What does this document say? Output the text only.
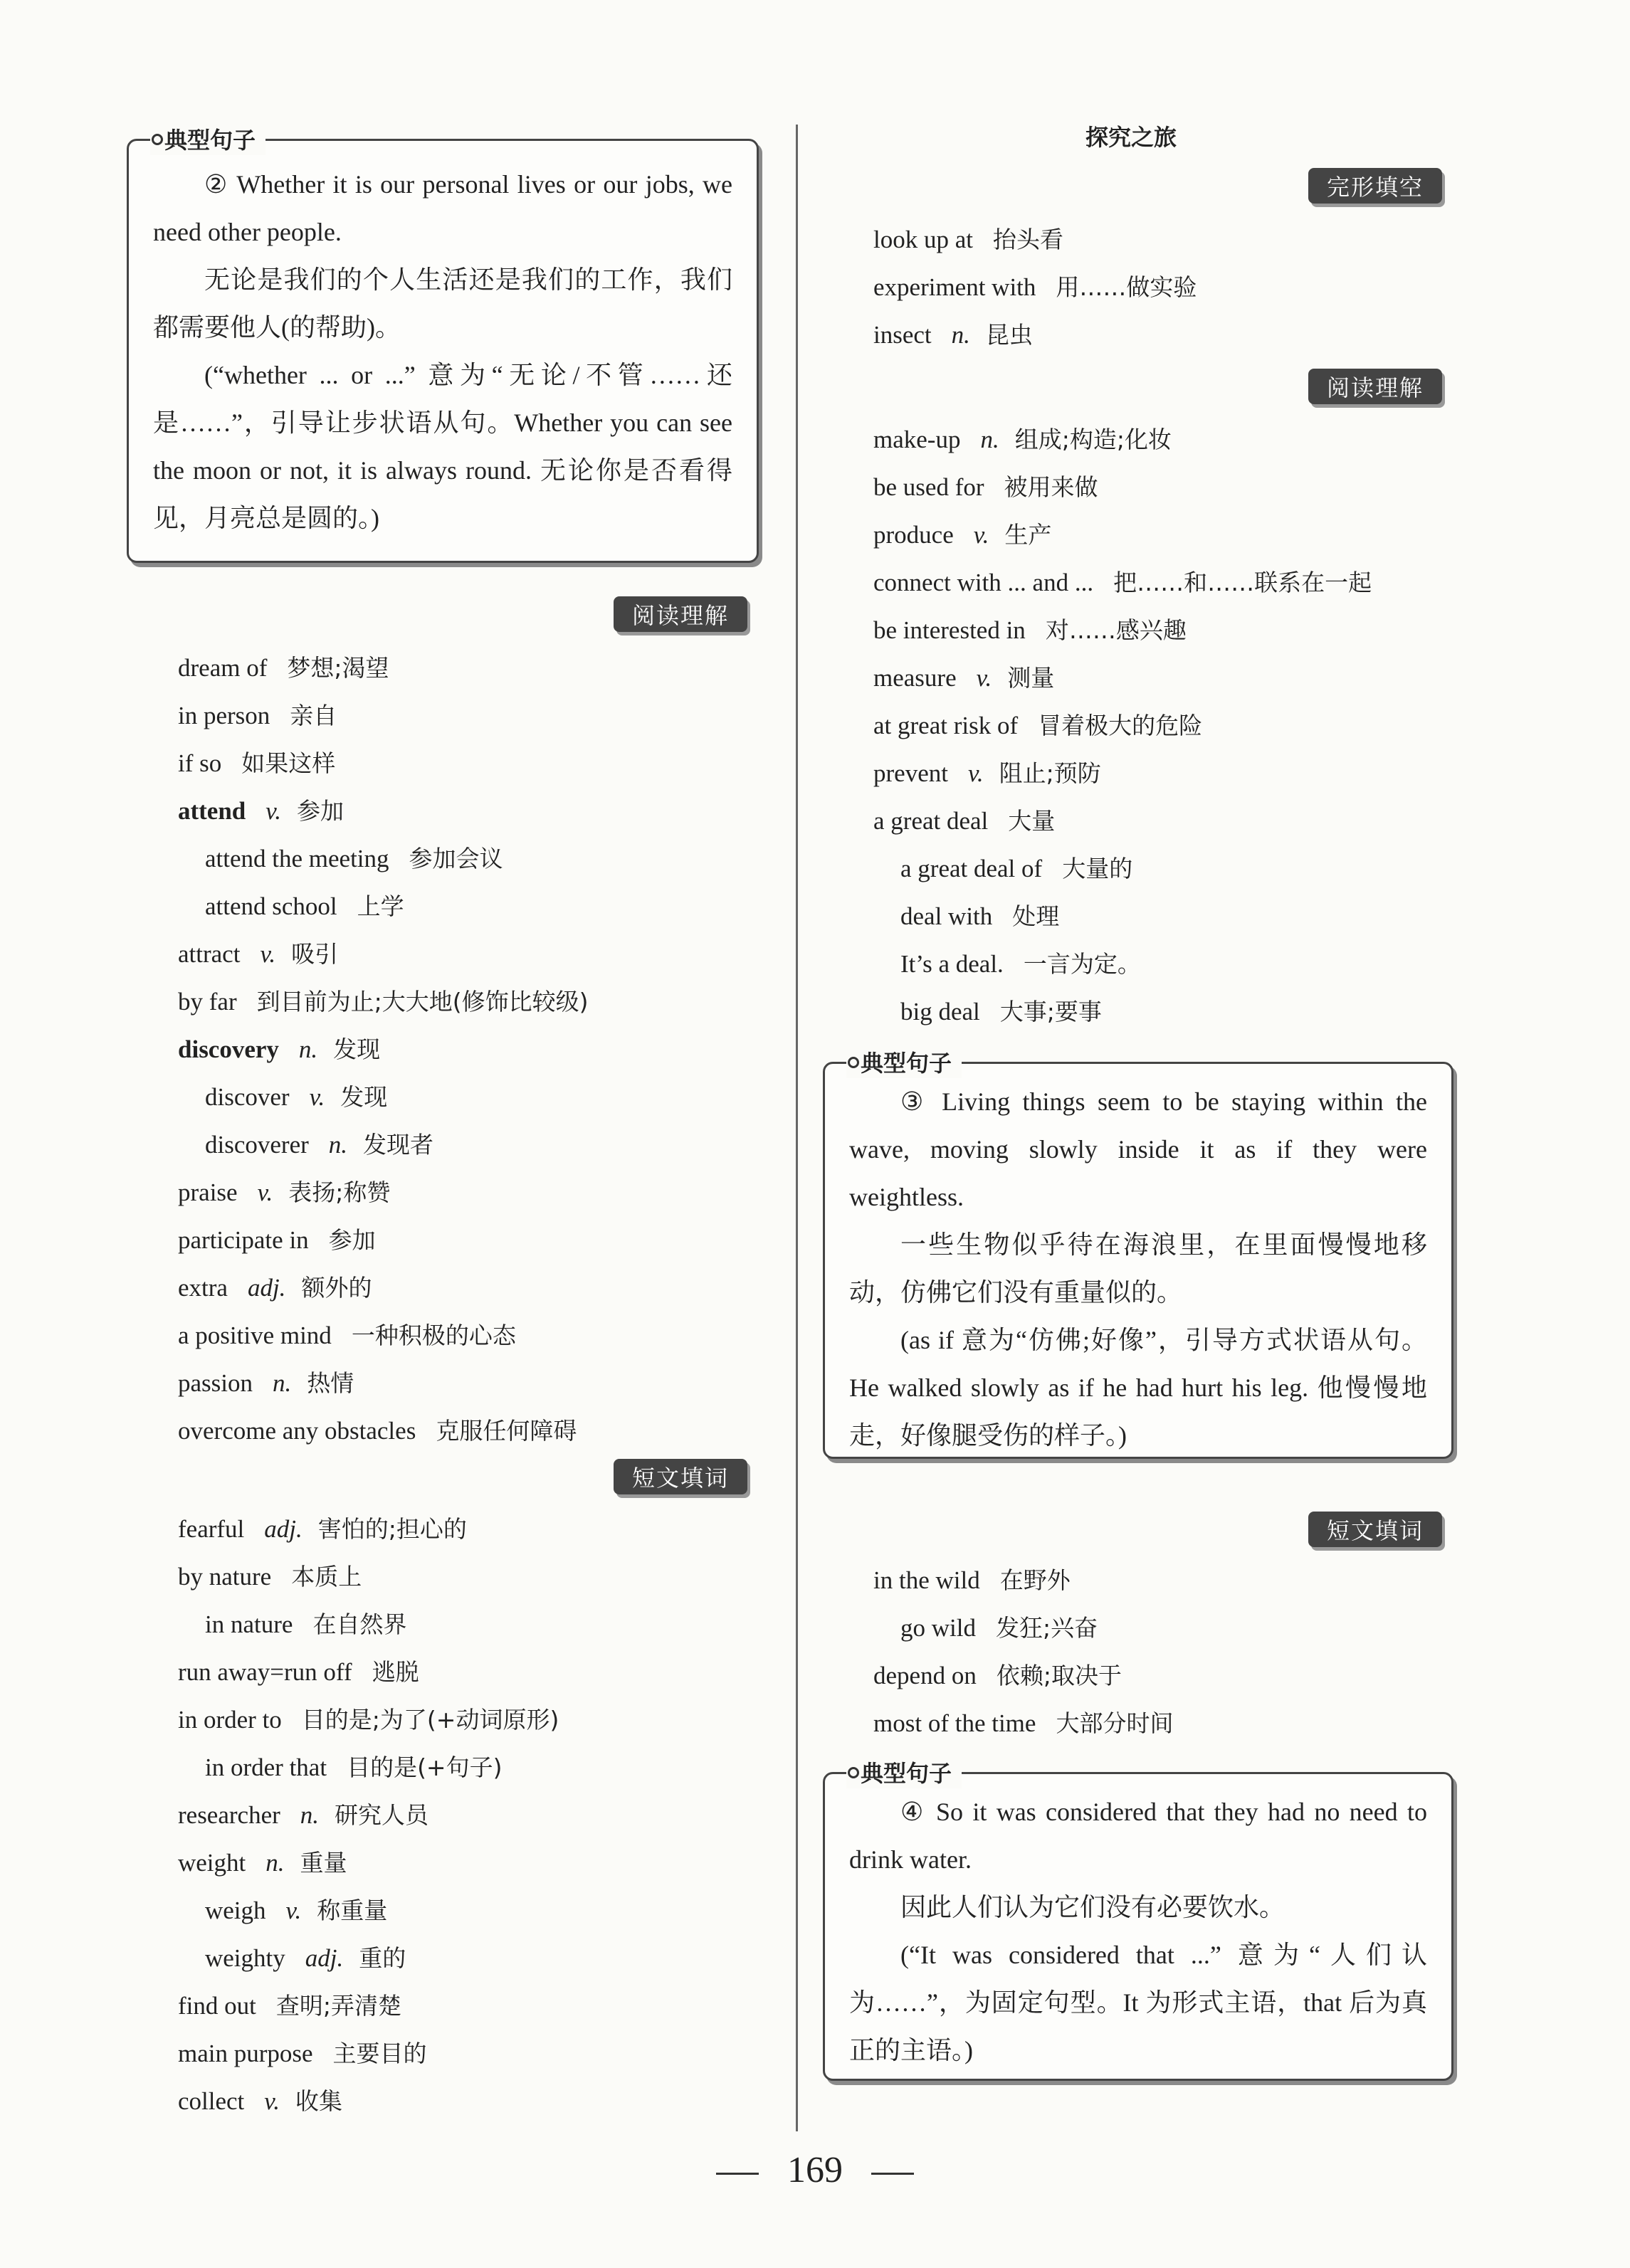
典型句子

② Whether it is our personal lives or our jobs, we need other people.

无论是我们的个人生活还是我们的工作，我们都需要他人(的帮助)。

(“whether ... or ...” 意为“无论/不管……还是……”，引导让步状语从句。Whether you can see the moon or not, it is always round. 无论你是否看得见，月亮总是圆的。)

阅读理解
dream of 梦想;渴望
in person 亲自
if so 如果这样
attend v. 参加
attend the meeting 参加会议
attend school 上学
attract v. 吸引
by far 到目前为止;大大地(修饰比较级)
discovery n. 发现
discover v. 发现
discoverer n. 发现者
praise v. 表扬;称赞
participate in 参加
extra adj. 额外的
a positive mind 一种积极的心态
passion n. 热情
overcome any obstacles 克服任何障碍
短文填词
fearful adj. 害怕的;担心的
by nature 本质上
in nature 在自然界
run away=run off 逃脱
in order to 目的是;为了(+动词原形)
in order that 目的是(+句子)
researcher n. 研究人员
weight n. 重量
weigh v. 称重量
weighty adj. 重的
find out 查明;弄清楚
main purpose 主要目的
collect v. 收集
探究之旅
完形填空
look up at 抬头看
experiment with 用……做实验
insect n. 昆虫
阅读理解
make-up n. 组成;构造;化妆
be used for 被用来做
produce v. 生产
connect with ... and ... 把……和……联系在一起
be interested in 对……感兴趣
measure v. 测量
at great risk of 冒着极大的危险
prevent v. 阻止;预防
a great deal 大量
a great deal of 大量的
deal with 处理
It’s a deal. 一言为定。
big deal 大事;要事
典型句子

③ Living things seem to be staying within the wave, moving slowly inside it as if they were weightless.

一些生物似乎待在海浪里，在里面慢慢地移动，仿佛它们没有重量似的。

(as if 意为“仿佛;好像”，引导方式状语从句。He walked slowly as if he had hurt his leg. 他慢慢地走，好像腿受伤的样子。)

短文填词
in the wild 在野外
go wild 发狂;兴奋
depend on 依赖;取决于
most of the time 大部分时间
典型句子

④ So it was considered that they had no need to drink water.

因此人们认为它们没有必要饮水。

(“It was considered that ...” 意为“人们认为……”，为固定句型。It 为形式主语，that 后为真正的主语。)

169
